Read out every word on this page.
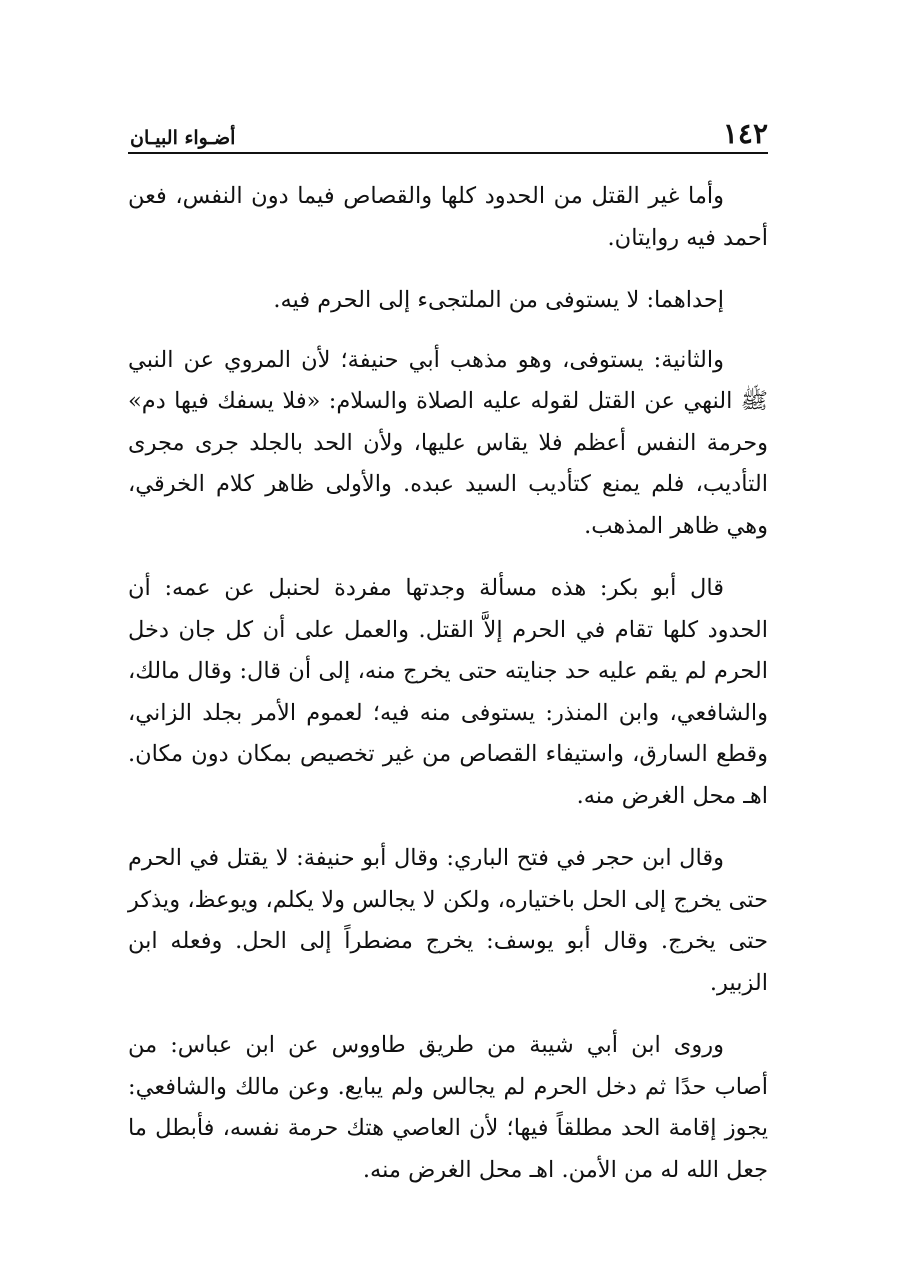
١٤٢
أضـواء البيـان

وأما غير القتل من الحدود كلها والقصاص فيما دون النفس، فعن أحمد فيه روايتان.

إحداهما: لا يستوفى من الملتجىء إلى الحرم فيه.

والثانية: يستوفى، وهو مذهب أبي حنيفة؛ لأن المروي عن النبي ﷺ النهي عن القتل لقوله عليه الصلاة والسلام: «فلا يسفك فيها دم» وحرمة النفس أعظم فلا يقاس عليها، ولأن الحد بالجلد جرى مجرى التأديب، فلم يمنع كتأديب السيد عبده. والأولى ظاهر كلام الخرقي، وهي ظاهر المذهب.

قال أبو بكر: هذه مسألة وجدتها مفردة لحنبل عن عمه: أن الحدود كلها تقام في الحرم إلاَّ القتل. والعمل على أن كل جان دخل الحرم لم يقم عليه حد جنايته حتى يخرج منه، إلى أن قال: وقال مالك، والشافعي، وابن المنذر: يستوفى منه فيه؛ لعموم الأمر بجلد الزاني، وقطع السارق، واستيفاء القصاص من غير تخصيص بمكان دون مكان. اهـ محل الغرض منه.

وقال ابن حجر في فتح الباري: وقال أبو حنيفة: لا يقتل في الحرم حتى يخرج إلى الحل باختياره، ولكن لا يجالس ولا يكلم، ويوعظ، ويذكر حتى يخرج. وقال أبو يوسف: يخرج مضطراً إلى الحل. وفعله ابن الزبير.

وروى ابن أبي شيبة من طريق طاووس عن ابن عباس: من أصاب حدًا ثم دخل الحرم لم يجالس ولم يبايع. وعن مالك والشافعي: يجوز إقامة الحد مطلقاً فيها؛ لأن العاصي هتك حرمة نفسه، فأبطل ما جعل الله له من الأمن. اهـ محل الغرض منه.
